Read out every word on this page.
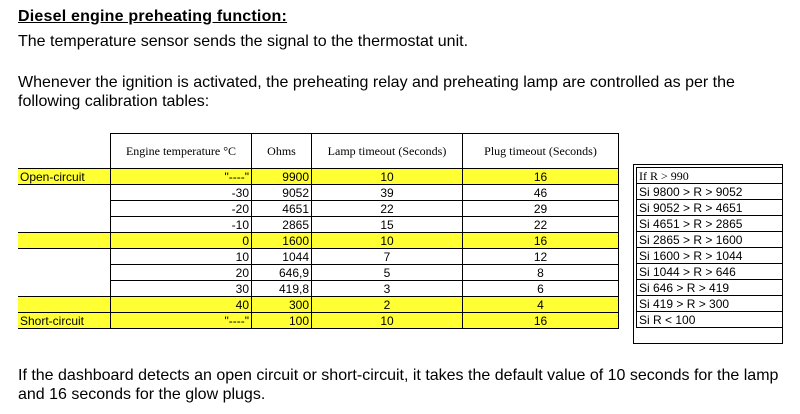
Diesel engine preheating function:

The temperature sensor sends the signal to the thermostat unit.

Whenever the ignition is activated, the preheating relay and preheating lamp are controlled as per the following calibration tables:

	Engine temperature °C	Ohms	Lamp timeout (Seconds)	Plug timeout (Seconds)
Open-circuit	"----"	9900	10	16
	-30	9052	39	46
	-20	4651	22	29
	-10	2865	15	22
	0	1600	10	16
	10	1044	7	12
	20	646,9	5	8
	30	419,8	3	6
	40	300	2	4
Short-circuit	"----"	100	10	16
If R > 990
Si 9800 > R > 9052
Si 9052 > R > 4651
Si 4651 > R > 2865
Si 2865 > R > 1600
Si 1600 > R > 1044
Si 1044 > R > 646
Si 646 > R > 419
Si 419 > R > 300
Si R < 100

If the dashboard detects an open circuit or short-circuit, it takes the default value of 10 seconds for the lamp and 16 seconds for the glow plugs.
